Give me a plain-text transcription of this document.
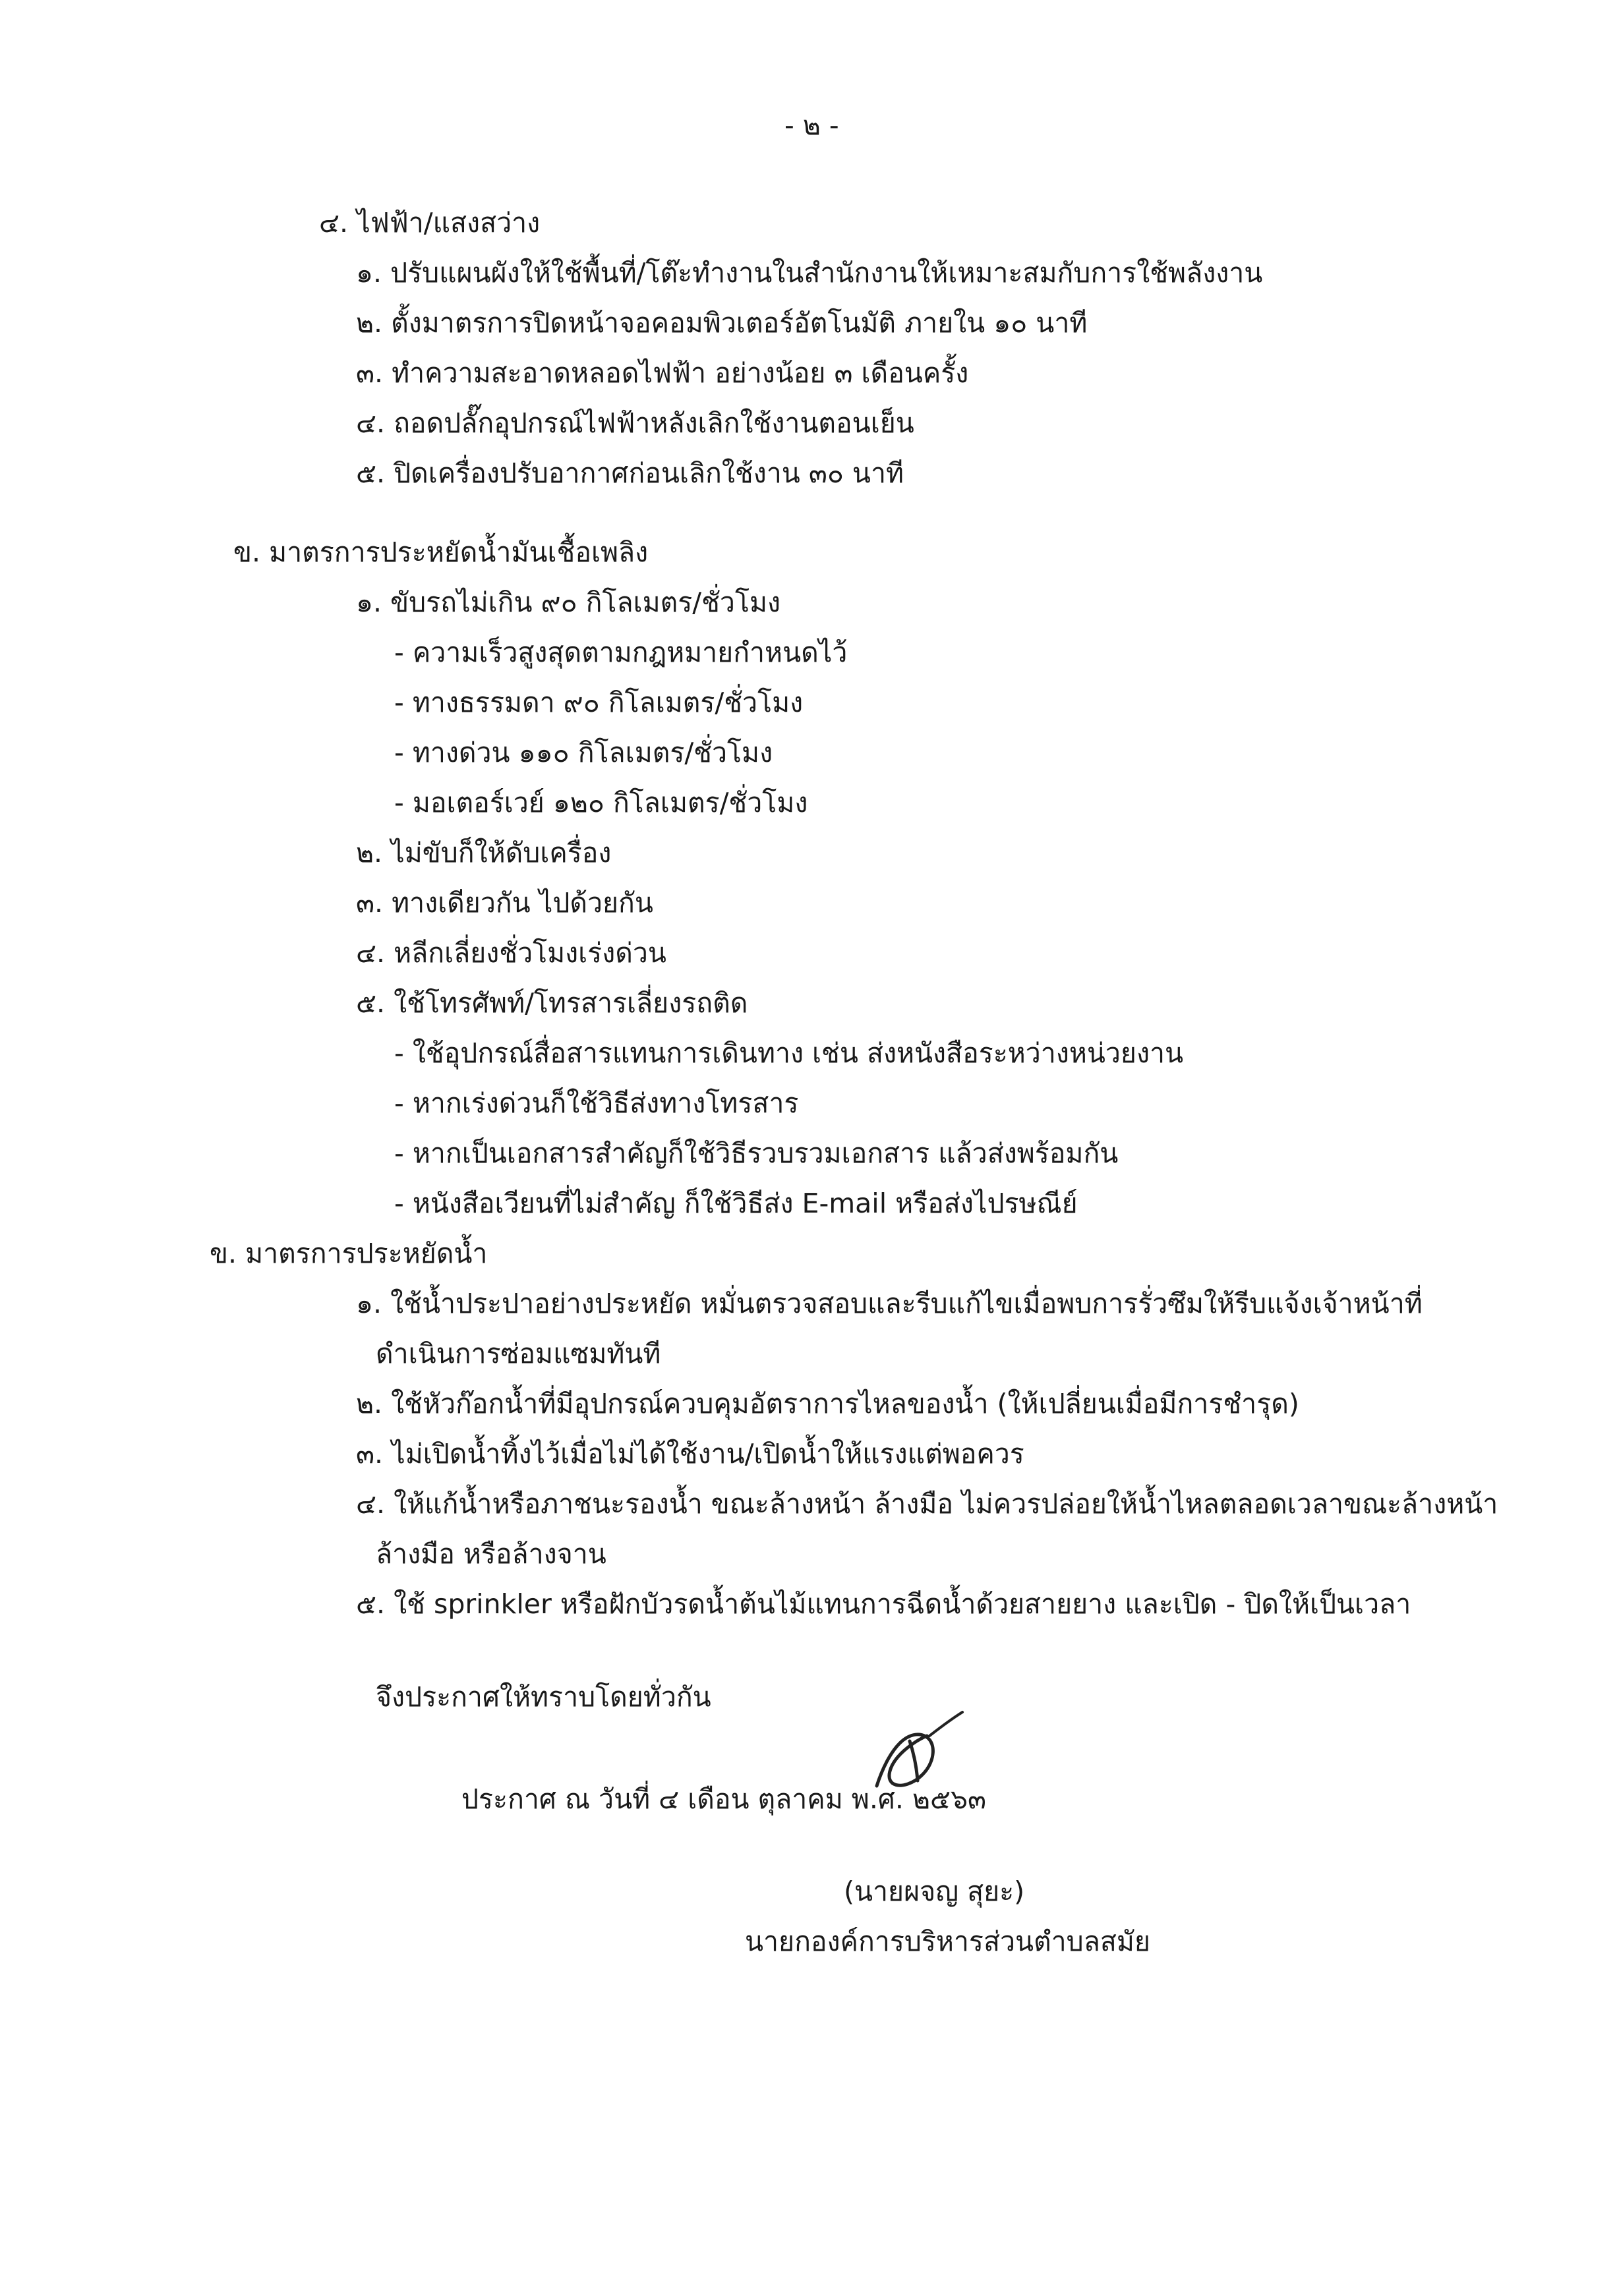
- ๒ -
๔. ไฟฟ้า/แสงสว่าง
๑. ปรับแผนผังให้ใช้พื้นที่/โต๊ะทำงานในสำนักงานให้เหมาะสมกับการใช้พลังงาน
๒. ตั้งมาตรการปิดหน้าจอคอมพิวเตอร์อัตโนมัติ ภายใน ๑๐ นาที
๓. ทำความสะอาดหลอดไฟฟ้า อย่างน้อย ๓ เดือนครั้ง
๔. ถอดปลั๊กอุปกรณ์ไฟฟ้าหลังเลิกใช้งานตอนเย็น
๕. ปิดเครื่องปรับอากาศก่อนเลิกใช้งาน ๓๐ นาที
ข. มาตรการประหยัดน้ำมันเชื้อเพลิง
๑. ขับรถไม่เกิน ๙๐ กิโลเมตร/ชั่วโมง
- ความเร็วสูงสุดตามกฎหมายกำหนดไว้
- ทางธรรมดา ๙๐ กิโลเมตร/ชั่วโมง
- ทางด่วน ๑๑๐ กิโลเมตร/ชั่วโมง
- มอเตอร์เวย์ ๑๒๐ กิโลเมตร/ชั่วโมง
๒. ไม่ขับก็ให้ดับเครื่อง
๓. ทางเดียวกัน ไปด้วยกัน
๔. หลีกเลี่ยงชั่วโมงเร่งด่วน
๕. ใช้โทรศัพท์/โทรสารเลี่ยงรถติด
- ใช้อุปกรณ์สื่อสารแทนการเดินทาง เช่น ส่งหนังสือระหว่างหน่วยงาน
- หากเร่งด่วนก็ใช้วิธีส่งทางโทรสาร
- หากเป็นเอกสารสำคัญก็ใช้วิธีรวบรวมเอกสาร แล้วส่งพร้อมกัน
- หนังสือเวียนที่ไม่สำคัญ ก็ใช้วิธีส่ง E-mail หรือส่งไปรษณีย์
ข. มาตรการประหยัดน้ำ
๑. ใช้น้ำประปาอย่างประหยัด หมั่นตรวจสอบและรีบแก้ไขเมื่อพบการรั่วซึมให้รีบแจ้งเจ้าหน้าที่
ดำเนินการซ่อมแซมทันที
๒. ใช้หัวก๊อกน้ำที่มีอุปกรณ์ควบคุมอัตราการไหลของน้ำ (ให้เปลี่ยนเมื่อมีการชำรุด)
๓. ไม่เปิดน้ำทิ้งไว้เมื่อไม่ได้ใช้งาน/เปิดน้ำให้แรงแต่พอควร
๔. ให้แก้น้ำหรือภาชนะรองน้ำ ขณะล้างหน้า ล้างมือ ไม่ควรปล่อยให้น้ำไหลตลอดเวลาขณะล้างหน้า
ล้างมือ หรือล้างจาน
๕. ใช้ sprinkler หรือฝักบัวรดน้ำต้นไม้แทนการฉีดน้ำด้วยสายยาง และเปิด - ปิดให้เป็นเวลา
จึงประกาศให้ทราบโดยทั่วกัน
ประกาศ ณ วันที่ ๔ เดือน ตุลาคม พ.ศ. ๒๕๖๓
(นายผจญ สุยะ)
นายกองค์การบริหารส่วนตำบลสมัย
